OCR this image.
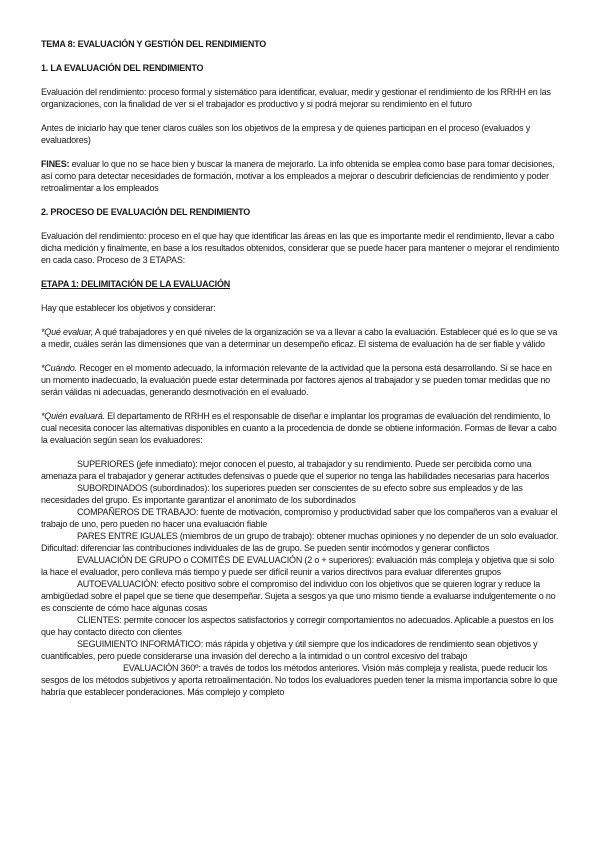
TEMA 8: EVALUACIÓN Y GESTIÓN DEL RENDIMIENTO

1. LA EVALUACIÓN DEL RENDIMIENTO

Evaluación del rendimiento: proceso formal y sistemático para identificar, evaluar, medir y gestionar el rendimiento de los RRHH en las organizaciones, con la finalidad de ver si el trabajador es productivo y si podrá mejorar su rendimiento en el futuro

Antes de iniciarlo hay que tener claros cuáles son los objetivos de la empresa y de quienes participan en el proceso (evaluados y evaluadores)

FINES: evaluar lo que no se hace bien y buscar la manera de mejorarlo. La info obtenida se emplea como base para tomar decisiones, así como para detectar necesidades de formación, motivar a los empleados a mejorar o descubrir deficiencias de rendimiento y poder retroalimentar a los empleados

2. PROCESO DE EVALUACIÓN DEL RENDIMIENTO

Evaluación del rendimiento: proceso en el que hay que identificar las áreas en las que es importante medir el rendimiento, llevar a cabo dicha medición y finalmente, en base a los resultados obtenidos, considerar que se puede hacer para mantener o mejorar el rendimiento en cada caso. Proceso de 3 ETAPAS:

ETAPA 1: DELIMITACIÓN DE LA EVALUACIÓN

Hay que establecer los objetivos y considerar:

*Qué evaluar, A qué trabajadores y en qué niveles de la organización se va a llevar a cabo la evaluación. Establecer qué es lo que se va a medir, cuáles serán las dimensiones que van a determinar un desempeño eficaz. El sistema de evaluación ha de ser fiable y válido

*Cuándo. Recoger en el momento adecuado, la información relevante de la actividad que la persona está desarrollando. Si se hace en un momento inadecuado, la evaluación puede estar determinada por factores ajenos al trabajador y se pueden tomar medidas que no serán válidas ni adecuadas, generando desmotivación en el evaluado.

*Quién evaluará. El departamento de RRHH es el responsable de diseñar e implantar los programas de evaluación del rendimiento, lo cual necesita conocer las alternativas disponibles en cuanto a la procedencia de donde se obtiene información. Formas de llevar a cabo la evaluación según sean los evaluadores:

SUPERIORES (jefe inmediato): mejor conocen el puesto, al trabajador y su rendimiento. Puede ser percibida como una amenaza para el trabajador y generar actitudes defensivas o puede que el superior no tenga las habilidades necesarias para hacerlos

SUBORDINADOS (subordinados): los superiores pueden ser conscientes de su efecto sobre sus empleados y de las necesidades del grupo. Es importante garantizar el anonimato de los subordinados

COMPAÑEROS DE TRABAJO: fuente de motivación, compromiso y productividad saber que los compañeros van a evaluar el trabajo de uno, pero pueden no hacer una evaluación fiable

PARES ENTRE IGUALES (miembros de un grupo de trabajo): obtener muchas opiniones y no depender de un solo evaluador. Dificultad: diferenciar las contribuciones individuales de las de grupo. Se pueden sentir incómodos y generar conflictos

EVALUACIÓN DE GRUPO o COMITÉS DE EVALUACIÓN (2 o + superiores): evaluación más compleja y objetiva que si solo la hace el evaluador, pero conlleva más tiempo y puede ser difícil reunir a varios directivos para evaluar diferentes grupos

AUTOEVALUACIÓN: efecto positivo sobre el compromiso del individuo con los objetivos que se quieren lograr y reduce la ambigüedad sobre el papel que se tiene que desempeñar. Sujeta a sesgos ya que uno mismo tiende a evaluarse indulgentemente o no es consciente de cómo hace algunas cosas

CLIENTES: permite conocer los aspectos satisfactorios y corregir comportamientos no adecuados. Aplicable a puestos en los que hay contacto directo con clientes

SEGUIMIENTO INFORMÁTICO: más rápida y objetiva y útil siempre que los indicadores de rendimiento sean objetivos y cuantificables, pero puede considerarse una invasión del derecho a la intimidad o un control excesivo del trabajo

EVALUACIÓN 360º: a través de todos los métodos anteriores. Visión más compleja y realista, puede reducir los sesgos de los métodos subjetivos y aporta retroalimentación. No todos los evaluadores pueden tener la misma importancia sobre lo que habría que establecer ponderaciones. Más complejo y completo
